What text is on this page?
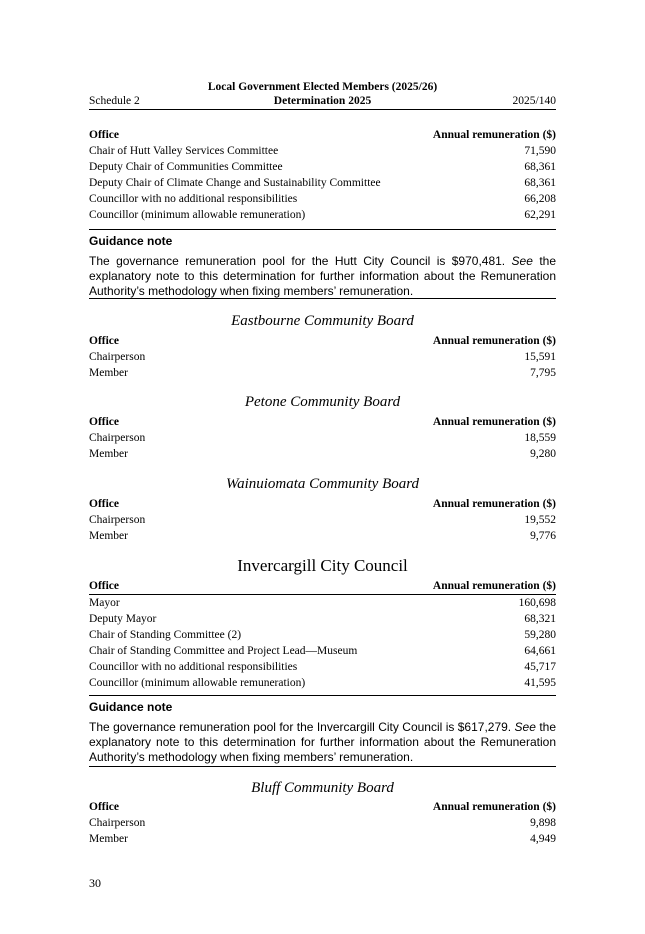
Local Government Elected Members (2025/26)
Schedule 2	Determination 2025	2025/140
Office	Annual remuneration ($)
Chair of Hutt Valley Services Committee	71,590
Deputy Chair of Communities Committee	68,361
Deputy Chair of Climate Change and Sustainability Committee	68,361
Councillor with no additional responsibilities	66,208
Councillor (minimum allowable remuneration)	62,291
Guidance note
The governance remuneration pool for the Hutt City Council is $970,481. See the explanatory note to this determination for further information about the Remuneration Authority’s methodology when fixing members’ remuneration.
Eastbourne Community Board
Office	Annual remuneration ($)
Chairperson	15,591
Member	7,795
Petone Community Board
Office	Annual remuneration ($)
Chairperson	18,559
Member	9,280
Wainuiomata Community Board
Office	Annual remuneration ($)
Chairperson	19,552
Member	9,776
Invercargill City Council
Office	Annual remuneration ($)
Mayor	160,698
Deputy Mayor	68,321
Chair of Standing Committee (2)	59,280
Chair of Standing Committee and Project Lead—Museum	64,661
Councillor with no additional responsibilities	45,717
Councillor (minimum allowable remuneration)	41,595
Guidance note
The governance remuneration pool for the Invercargill City Council is $617,279. See the explanatory note to this determination for further information about the Remuneration Authority’s methodology when fixing members’ remuneration.
Bluff Community Board
Office	Annual remuneration ($)
Chairperson	9,898
Member	4,949
30
